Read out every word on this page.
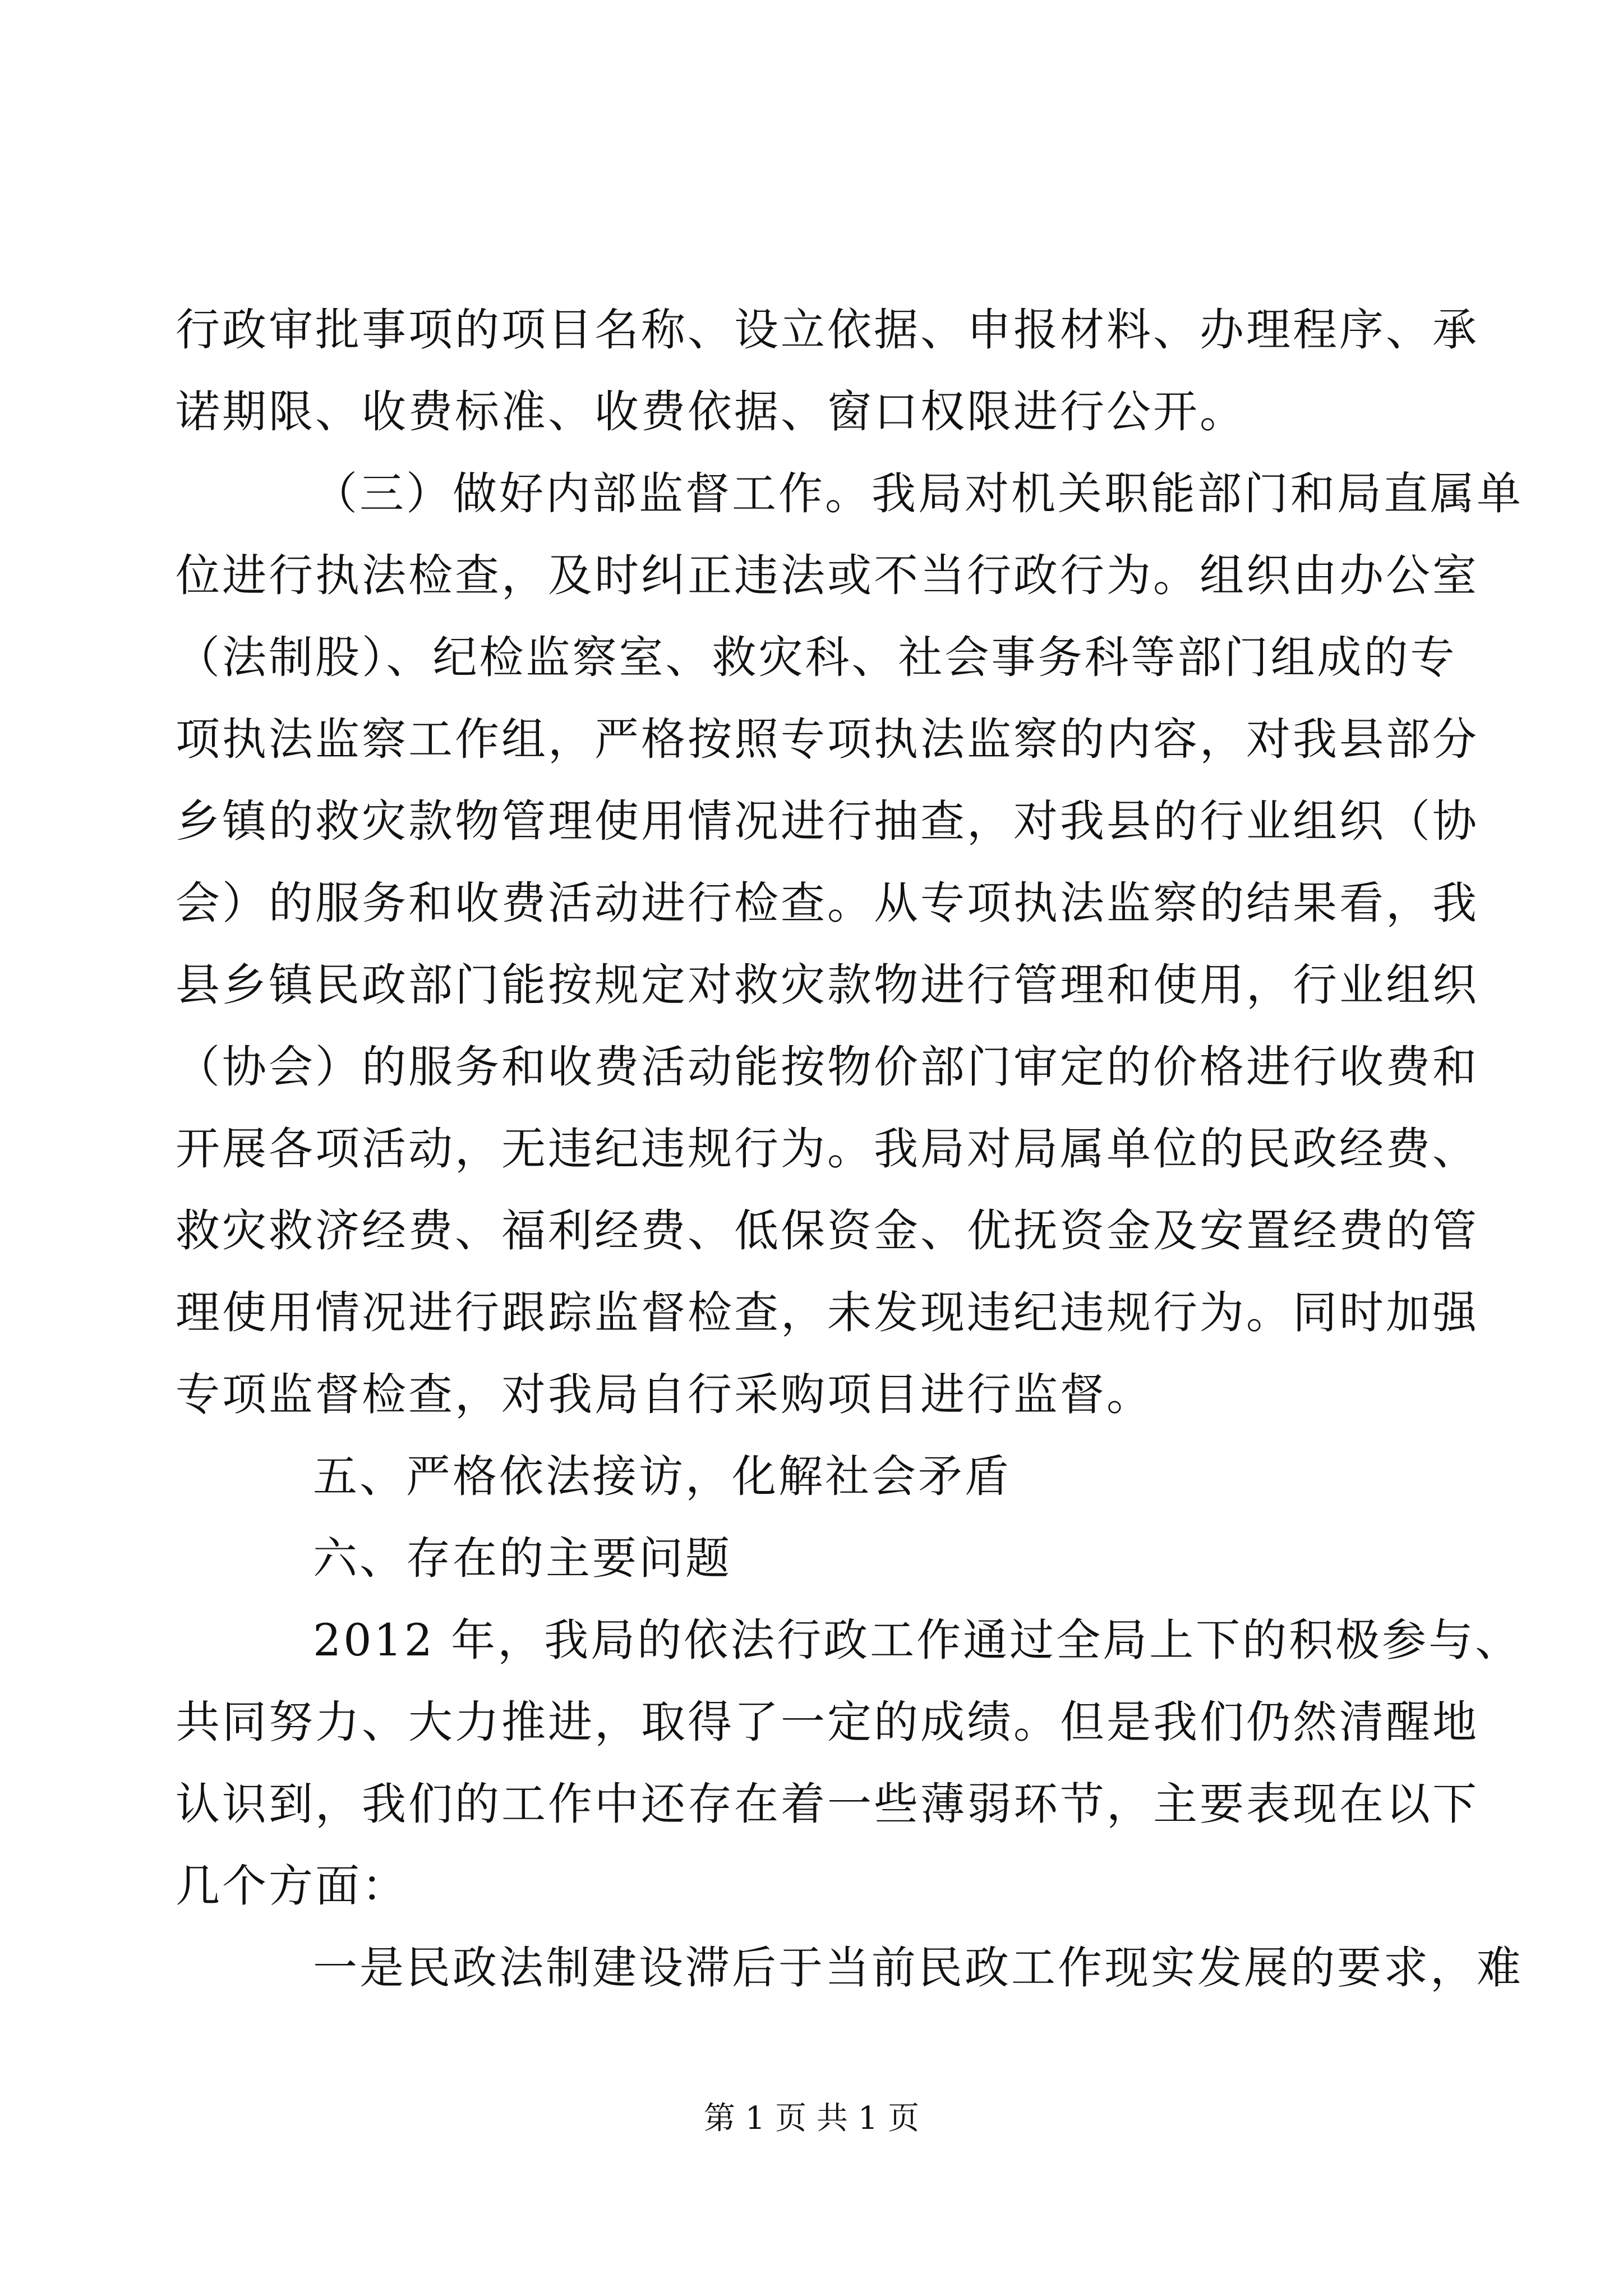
行政审批事项的项目名称、设立依据、申报材料、办理程序、承
诺期限、收费标准、收费依据、窗口权限进行公开。
（三）做好内部监督工作。我局对机关职能部门和局直属单
位进行执法检查，及时纠正违法或不当行政行为。组织由办公室
（法制股）、纪检监察室、救灾科、社会事务科等部门组成的专
项执法监察工作组，严格按照专项执法监察的内容，对我县部分
乡镇的救灾款物管理使用情况进行抽查，对我县的行业组织（协
会）的服务和收费活动进行检查。从专项执法监察的结果看，我
县乡镇民政部门能按规定对救灾款物进行管理和使用，行业组织
（协会）的服务和收费活动能按物价部门审定的价格进行收费和
开展各项活动，无违纪违规行为。我局对局属单位的民政经费、
救灾救济经费、福利经费、低保资金、优抚资金及安置经费的管
理使用情况进行跟踪监督检查，未发现违纪违规行为。同时加强
专项监督检查，对我局自行采购项目进行监督。
五、严格依法接访，化解社会矛盾
六、存在的主要问题
2012 年，我局的依法行政工作通过全局上下的积极参与、
共同努力、大力推进，取得了一定的成绩。但是我们仍然清醒地
认识到，我们的工作中还存在着一些薄弱环节，主要表现在以下
几个方面：
一是民政法制建设滞后于当前民政工作现实发展的要求，难
第 1 页 共 1 页
